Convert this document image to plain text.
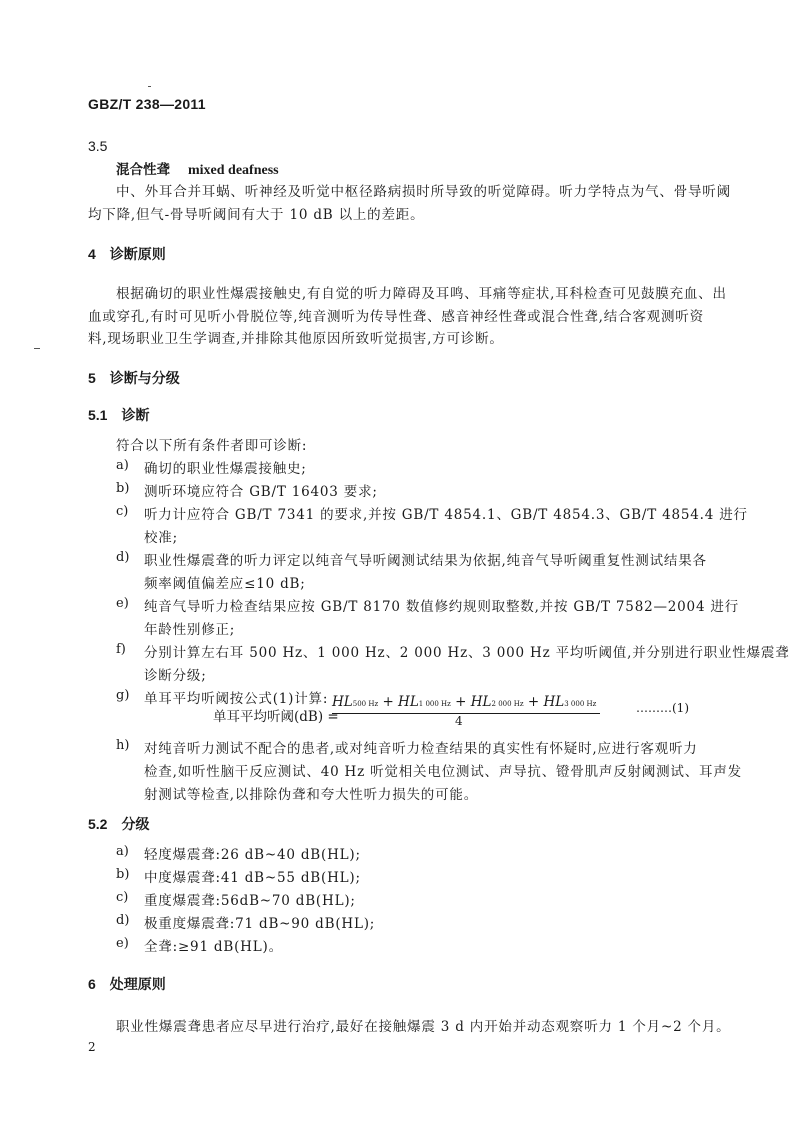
GBZ/T 238—2011
3.5
混合性聋 mixed deafness
中、外耳合并耳蜗、听神经及听觉中枢径路病损时所导致的听觉障碍。听力学特点为气、骨导听阈
均下降,但气-骨导听阈间有大于 10 dB 以上的差距。
4　诊断原则
根据确切的职业性爆震接触史,有自觉的听力障碍及耳鸣、耳痛等症状,耳科检查可见鼓膜充血、出
血或穿孔,有时可见听小骨脱位等,纯音测听为传导性聋、感音神经性聋或混合性聋,结合客观测听资
料,现场职业卫生学调查,并排除其他原因所致听觉损害,方可诊断。
5　诊断与分级
5.1　诊断
符合以下所有条件者即可诊断:
a) 确切的职业性爆震接触史;
b) 测听环境应符合 GB/T 16403 要求;
c) 听力计应符合 GB/T 7341 的要求,并按 GB/T 4854.1、GB/T 4854.3、GB/T 4854.4 进行
校准;
d) 职业性爆震聋的听力评定以纯音气导听阈测试结果为依据,纯音气导听阈重复性测试结果各
频率阈值偏差应≤10 dB;
e) 纯音气导听力检查结果应按 GB/T 8170 数值修约规则取整数,并按 GB/T 7582—2004 进行
年龄性别修正;
f) 分别计算左右耳 500 Hz、1 000 Hz、2 000 Hz、3 000 Hz 平均听阈值,并分别进行职业性爆震聋
诊断分级;
g) 单耳平均听阈按公式(1)计算:
单耳平均听阈(dB) =
HL500 Hz + HL1 000 Hz + HL2 000 Hz + HL3 000 Hz
4
………(1)
h) 对纯音听力测试不配合的患者,或对纯音听力检查结果的真实性有怀疑时,应进行客观听力
检查,如听性脑干反应测试、40 Hz 听觉相关电位测试、声导抗、镫骨肌声反射阈测试、耳声发
射测试等检查,以排除伪聋和夸大性听力损失的可能。
5.2　分级
a) 轻度爆震聋:26 dB~40 dB(HL);
b) 中度爆震聋:41 dB~55 dB(HL);
c) 重度爆震聋:56dB~70 dB(HL);
d) 极重度爆震聋:71 dB~90 dB(HL);
e) 全聋:≥91 dB(HL)。
6　处理原则
职业性爆震聋患者应尽早进行治疗,最好在接触爆震 3 d 内开始并动态观察听力 1 个月~2 个月。
2
